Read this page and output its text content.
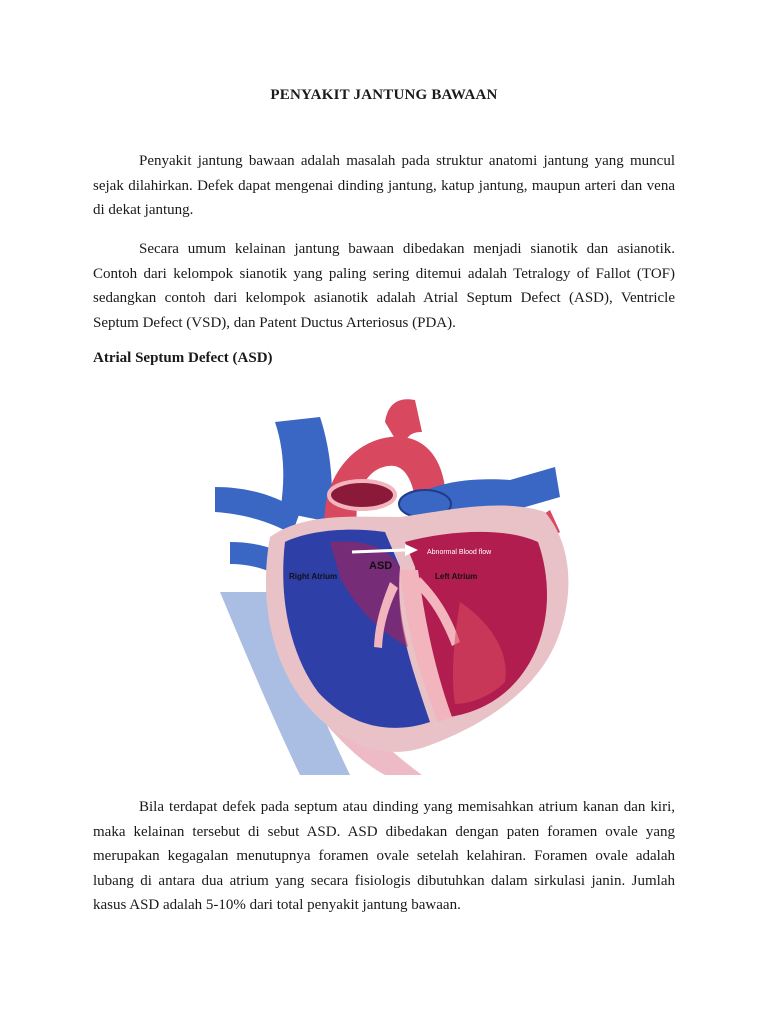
PENYAKIT JANTUNG BAWAAN

Penyakit jantung bawaan adalah masalah pada struktur anatomi jantung yang muncul sejak dilahirkan. Defek dapat mengenai dinding jantung, katup jantung, maupun arteri dan vena di dekat jantung.

Secara umum kelainan jantung bawaan dibedakan menjadi sianotik dan asianotik. Contoh dari kelompok sianotik yang paling sering ditemui adalah Tetralogy of Fallot (TOF) sedangkan contoh dari kelompok asianotik adalah Atrial Septum Defect (ASD), Ventricle Septum Defect (VSD), dan Patent Ductus Arteriosus (PDA).

Atrial Septum Defect (ASD)
Abnormal Blood flow
ASD
Right Atrium	Left Atrium

Bila terdapat defek pada septum atau dinding yang memisahkan atrium kanan dan kiri, maka kelainan tersebut di sebut ASD. ASD dibedakan dengan paten foramen ovale yang merupakan kegagalan menutupnya foramen ovale setelah kelahiran. Foramen ovale adalah lubang di antara dua atrium yang secara fisiologis dibutuhkan dalam sirkulasi janin. Jumlah kasus ASD adalah 5-10% dari total penyakit jantung bawaan.
